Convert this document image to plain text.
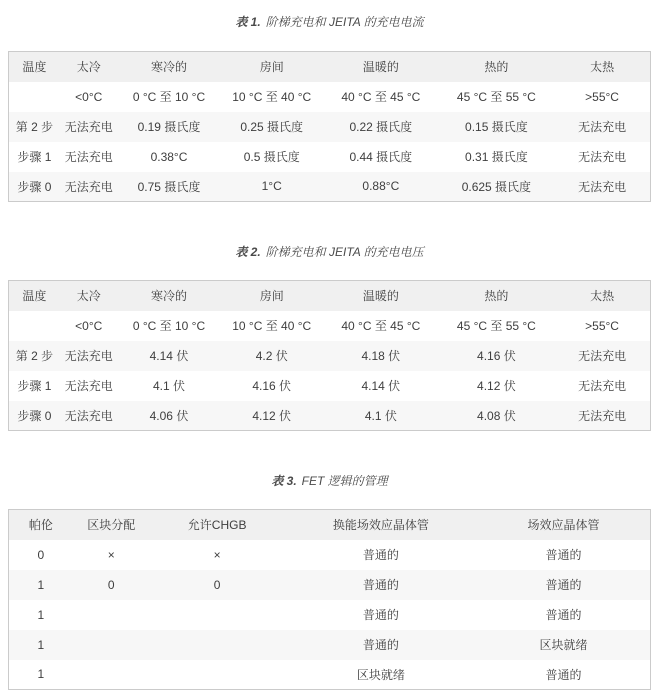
表 1. 阶梯充电和 JEITA 的充电电流

温度	太冷	寒冷的	房间	温暖的	热的	太热
	<0°C	0 °C 至 10 °C	10 °C 至 40 °C	40 °C 至 45 °C	45 °C 至 55 °C	>55°C
第 2 步	无法充电	0.19 摄氏度	0.25 摄氏度	0.22 摄氏度	0.15 摄氏度	无法充电
步骤 1	无法充电	0.38°C	0.5 摄氏度	0.44 摄氏度	0.31 摄氏度	无法充电
步骤 0	无法充电	0.75 摄氏度	1°C	0.88°C	0.625 摄氏度	无法充电

表 2. 阶梯充电和 JEITA 的充电电压

温度	太冷	寒冷的	房间	温暖的	热的	太热
	<0°C	0 °C 至 10 °C	10 °C 至 40 °C	40 °C 至 45 °C	45 °C 至 55 °C	>55°C
第 2 步	无法充电	4.14 伏	4.2 伏	4.18 伏	4.16 伏	无法充电
步骤 1	无法充电	4.1 伏	4.16 伏	4.14 伏	4.12 伏	无法充电
步骤 0	无法充电	4.06 伏	4.12 伏	4.1 伏	4.08 伏	无法充电

表 3. FET 逻辑的管理

帕伦	区块分配	允许CHGB	换能场效应晶体管	场效应晶体管
0	×	×	普通的	普通的
1	0	0	普通的	普通的
1			普通的	普通的
1			普通的	区块就绪
1			区块就绪	普通的
